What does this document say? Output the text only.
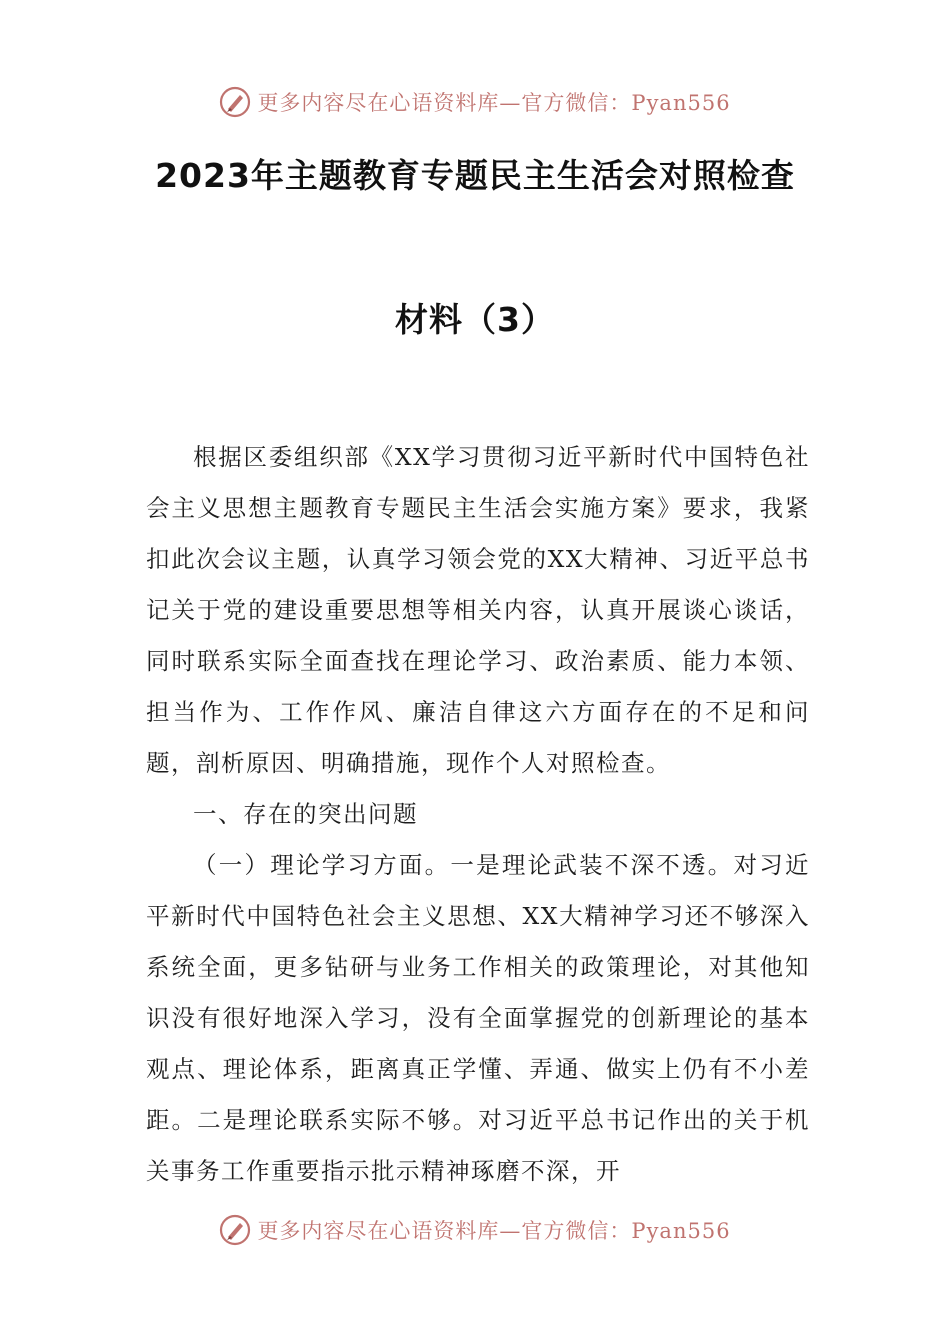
更多内容尽在心语资料库—官方微信：Pyan556
2023年主题教育专题民主生活会对照检查
材料（3）

根据区委组织部《XX学习贯彻习近平新时代中国特色社会主义思想主题教育专题民主生活会实施方案》要求，我紧扣此次会议主题，认真学习领会党的XX大精神、习近平总书记关于党的建设重要思想等相关内容，认真开展谈心谈话，同时联系实际全面查找在理论学习、政治素质、能力本领、担当作为、工作作风、廉洁自律这六方面存在的不足和问题，剖析原因、明确措施，现作个人对照检查。

一、存在的突出问题

（一）理论学习方面。一是理论武装不深不透。对习近平新时代中国特色社会主义思想、XX大精神学习还不够深入系统全面，更多钻研与业务工作相关的政策理论，对其他知识没有很好地深入学习，没有全面掌握党的创新理论的基本观点、理论体系，距离真正学懂、弄通、做实上仍有不小差距。二是理论联系实际不够。对习近平总书记作出的关于机关事务工作重要指示批示精神琢磨不深，开

更多内容尽在心语资料库—官方微信：Pyan556
